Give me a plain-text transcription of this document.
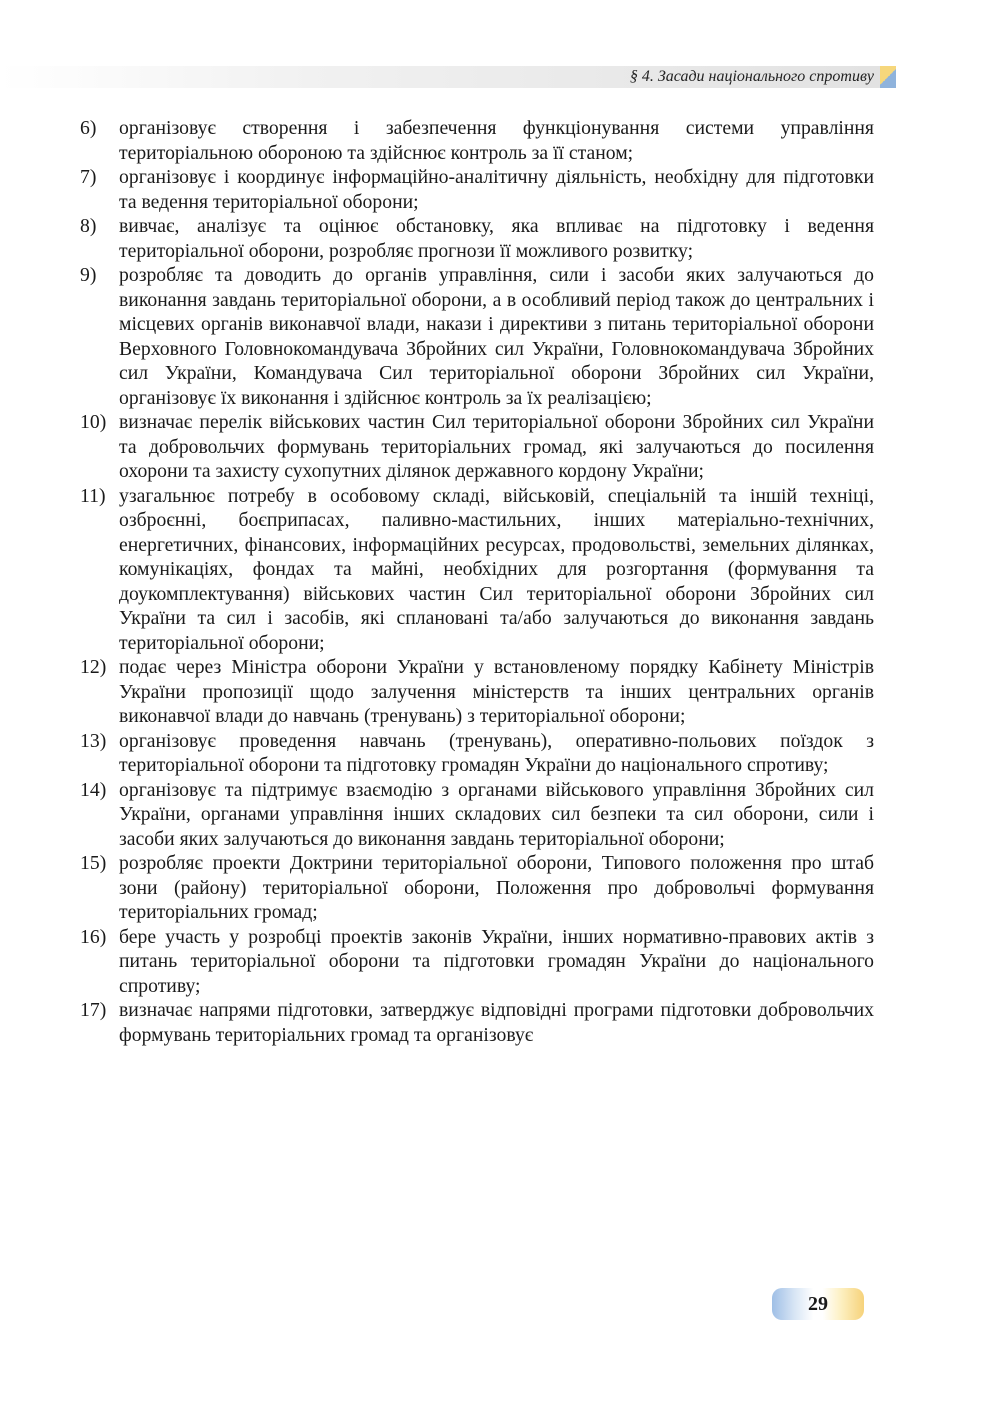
§ 4. Засади національного спротиву
6)	організовує створення і забезпечення функціонування системи управління територіальною обороною та здійснює контроль за її станом;
7)	організовує і координує інформаційно-аналітичну діяльність, необхідну для підготовки та ведення територіальної оборони;
8)	вивчає, аналізує та оцінює обстановку, яка впливає на підготовку і ведення територіальної оборони, розробляє прогнози її можливого розвитку;
9)	розробляє та доводить до органів управління, сили і засоби яких залучаються до виконання завдань територіальної оборони, а в особливий період також до центральних і місцевих органів виконавчої влади, накази і директиви з питань територіальної оборони Верховного Головнокомандувача Збройних сил України, Головнокомандувача Збройних сил України, Командувача Сил територіальної оборони Збройних сил України, організовує їх виконання і здійснює контроль за їх реалізацією;
10) визначає перелік військових частин Сил територіальної оборони Збройних сил України та добровольчих формувань територіальних громад, які залучаються до посилення охорони та захисту сухопутних ділянок державного кордону України;
11) узагальнює потребу в особовому складі, військовій, спеціальній та іншій техніці, озброєнні, боєприпасах, паливно-мастильних, інших матеріально-технічних, енергетичних, фінансових, інформаційних ресурсах, продовольстві, земельних ділянках, комунікаціях, фондах та майні, необхідних для розгортання (формування та доукомплектування) військових частин Сил територіальної оборони Збройних сил України та сил і засобів, які сплановані та/або залучаються до виконання завдань територіальної оборони;
12) подає через Міністра оборони України у встановленому порядку Кабінету Міністрів України пропозиції щодо залучення міністерств та інших центральних органів виконавчої влади до навчань (тренувань) з територіальної оборони;
13) організовує проведення навчань (тренувань), оперативно-польових поїздок з територіальної оборони та підготовку громадян України до національного спротиву;
14) організовує та підтримує взаємодію з органами військового управління Збройних сил України, органами управління інших складових сил безпеки та сил оборони, сили і засоби яких залучаються до виконання завдань територіальної оборони;
15) розробляє проекти Доктрини територіальної оборони, Типового положення про штаб зони (району) територіальної оборони, Положення про добровольчі формування територіальних громад;
16) бере участь у розробці проектів законів України, інших нормативно-правових актів з питань територіальної оборони та підготовки громадян України до національного спротиву;
17) визначає напрями підготовки, затверджує відповідні програми підготовки добровольчих формувань територіальних громад та організовує
29
